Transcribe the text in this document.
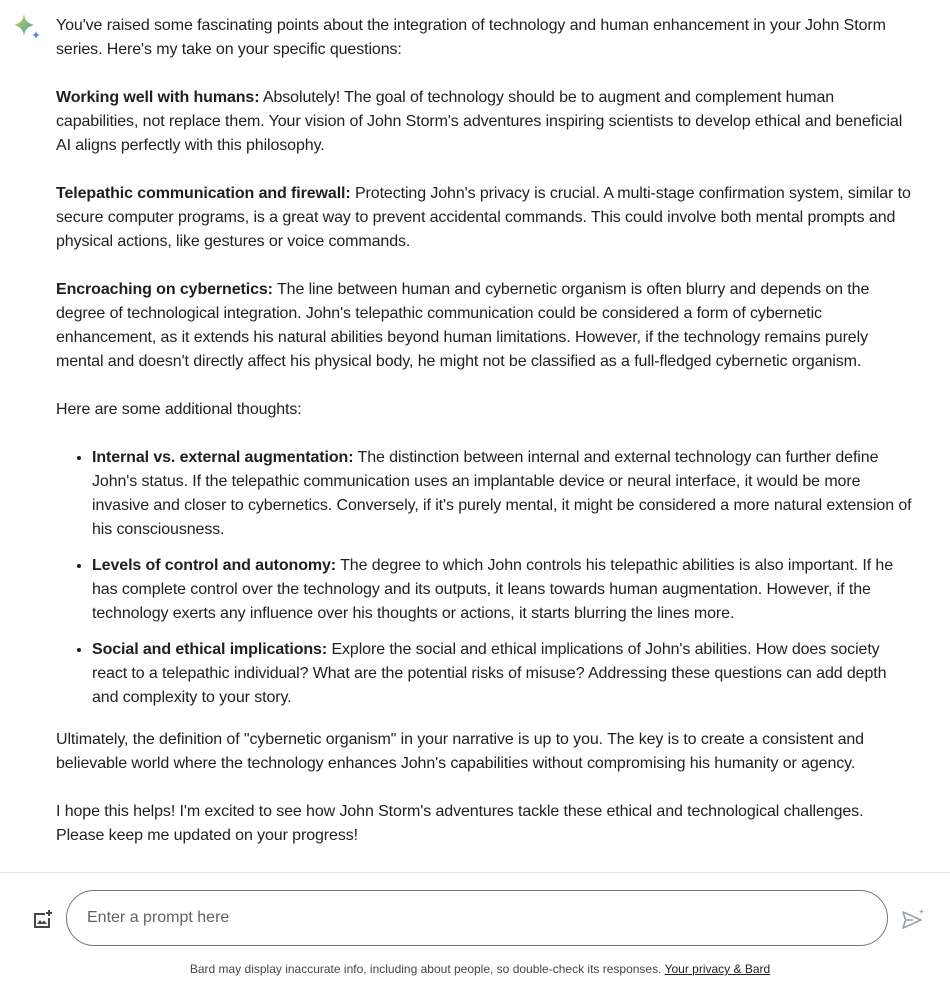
You've raised some fascinating points about the integration of technology and human enhancement in your John Storm series. Here's my take on your specific questions:

Working well with humans: Absolutely! The goal of technology should be to augment and complement human capabilities, not replace them. Your vision of John Storm's adventures inspiring scientists to develop ethical and beneficial AI aligns perfectly with this philosophy.

Telepathic communication and firewall: Protecting John's privacy is crucial. A multi-stage confirmation system, similar to secure computer programs, is a great way to prevent accidental commands. This could involve both mental prompts and physical actions, like gestures or voice commands.

Encroaching on cybernetics: The line between human and cybernetic organism is often blurry and depends on the degree of technological integration. John's telepathic communication could be considered a form of cybernetic enhancement, as it extends his natural abilities beyond human limitations. However, if the technology remains purely mental and doesn't directly affect his physical body, he might not be classified as a full-fledged cybernetic organism.

Here are some additional thoughts:

• Internal vs. external augmentation: The distinction between internal and external technology can further define John's status. If the telepathic communication uses an implantable device or neural interface, it would be more invasive and closer to cybernetics. Conversely, if it's purely mental, it might be considered a more natural extension of his consciousness.
• Levels of control and autonomy: The degree to which John controls his telepathic abilities is also important. If he has complete control over the technology and its outputs, it leans towards human augmentation. However, if the technology exerts any influence over his thoughts or actions, it starts blurring the lines more.
• Social and ethical implications: Explore the social and ethical implications of John's abilities. How does society react to a telepathic individual? What are the potential risks of misuse? Addressing these questions can add depth and complexity to your story.

Ultimately, the definition of "cybernetic organism" in your narrative is up to you. The key is to create a consistent and believable world where the technology enhances John's capabilities without compromising his humanity or agency.

I hope this helps! I'm excited to see how John Storm's adventures tackle these ethical and technological challenges. Please keep me updated on your progress!

Enter a prompt here
Bard may display inaccurate info, including about people, so double-check its responses. Your privacy & Bard
